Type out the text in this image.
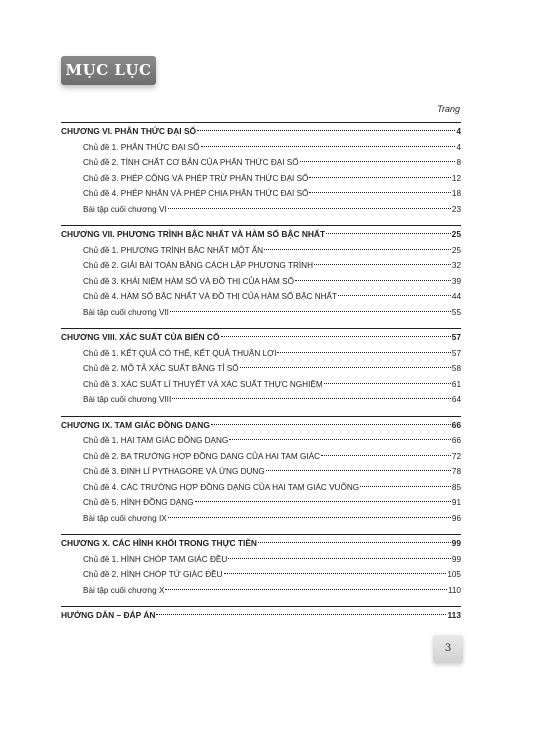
MỤC LỤC
Trang
CHƯƠNG VI. PHÂN THỨC ĐẠI SỐ	4
Chủ đề 1. PHÂN THỨC ĐẠI SỐ	4
Chủ đề 2. TÍNH CHẤT CƠ BẢN CỦA PHÂN THỨC ĐẠI SỐ	8
Chủ đề 3. PHÉP CỘNG VÀ PHÉP TRỪ PHÂN THỨC ĐẠI SỐ	12
Chủ đề 4. PHÉP NHÂN VÀ PHÉP CHIA PHÂN THỨC ĐẠI SỐ	18
Bài tập cuối chương VI	23
CHƯƠNG VII. PHƯƠNG TRÌNH BẬC NHẤT VÀ HÀM SỐ BẬC NHẤT	25
Chủ đề 1. PHƯƠNG TRÌNH BẬC NHẤT MỘT ẨN	25
Chủ đề 2. GIẢI BÀI TOÁN BẰNG CÁCH LẬP PHƯƠNG TRÌNH	32
Chủ đề 3. KHÁI NIỆM HÀM SỐ VÀ ĐỒ THỊ CỦA HÀM SỐ	39
Chủ đề 4. HÀM SỐ BẬC NHẤT VÀ ĐỒ THỊ CỦA HÀM SỐ BẬC NHẤT	44
Bài tập cuối chương VII	55
CHƯƠNG VIII. XÁC SUẤT CỦA BIẾN CỐ	57
Chủ đề 1. KẾT QUẢ CÓ THỂ, KẾT QUẢ THUẬN LỢI	57
Chủ đề 2. MÔ TẢ XÁC SUẤT BẰNG TỈ SỐ	58
Chủ đề 3. XÁC SUẤT LÍ THUYẾT VÀ XÁC SUẤT THỰC NGHIỆM	61
Bài tập cuối chương VIII	64
CHƯƠNG IX. TAM GIÁC ĐỒNG DẠNG	66
Chủ đề 1. HAI TAM GIÁC ĐỒNG DẠNG	66
Chủ đề 2. BA TRƯỜNG HỢP ĐỒNG DẠNG CỦA HAI TAM GIÁC	72
Chủ đề 3. ĐỊNH LÍ PYTHAGORE VÀ ỨNG DỤNG	78
Chủ đề 4. CÁC TRƯỜNG HỢP ĐỒNG DẠNG CỦA HAI TAM GIÁC VUÔNG	85
Chủ đề 5. HÌNH ĐỒNG DẠNG	91
Bài tập cuối chương IX	96
CHƯƠNG X. CÁC HÌNH KHỐI TRONG THỰC TIỄN	99
Chủ đề 1. HÌNH CHÓP TAM GIÁC ĐỀU	99
Chủ đề 2. HÌNH CHÓP TỨ GIÁC ĐỀU	105
Bài tập cuối chương X	110
HƯỚNG DẪN – ĐÁP ÁN	113
3
